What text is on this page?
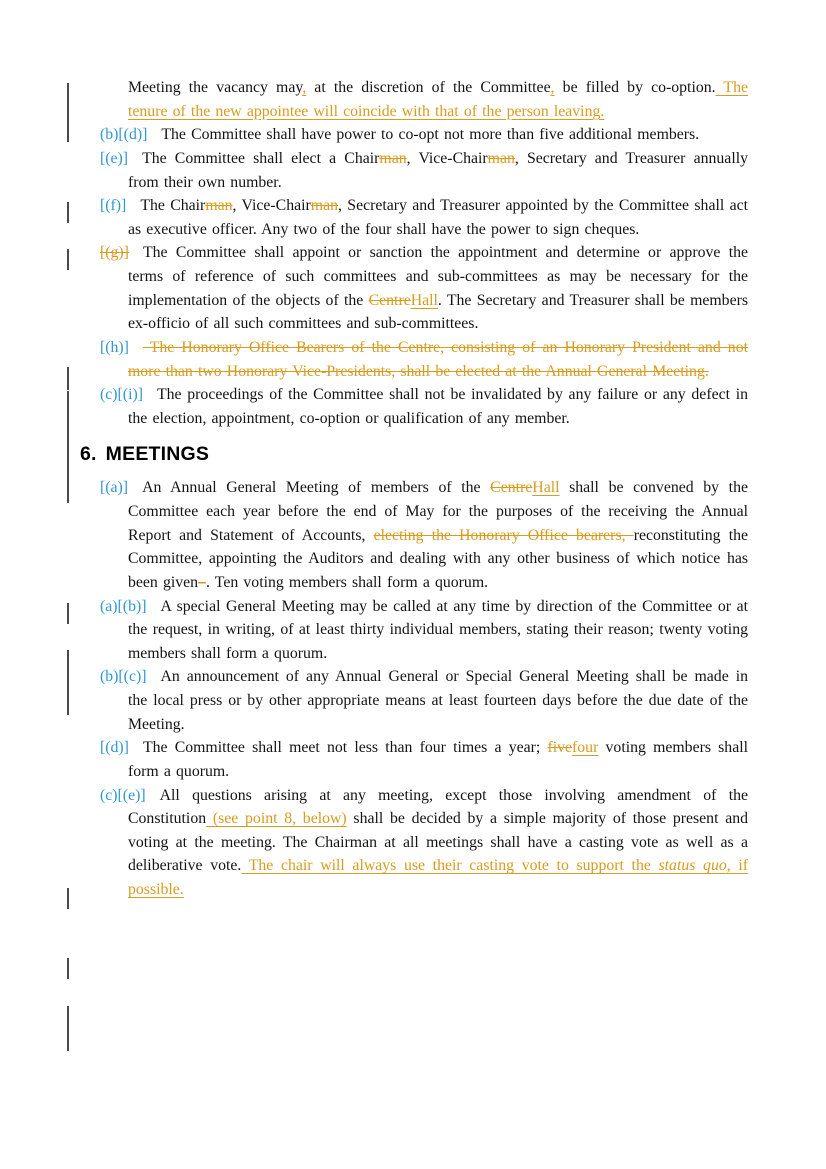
Meeting the vacancy may, at the discretion of the Committee, be filled by co-option. The tenure of the new appointee will coincide with that of the person leaving.

(b)[(d)] The Committee shall have power to co-opt not more than five additional members.

[(e)] The Committee shall elect a Chairman, Vice-Chairman, Secretary and Treasurer annually from their own number.

[(f)] The Chairman, Vice-Chairman, Secretary and Treasurer appointed by the Committee shall act as executive officer. Any two of the four shall have the power to sign cheques.

[(g)] The Committee shall appoint or sanction the appointment and determine or approve the terms of reference of such committees and sub-committees as may be necessary for the implementation of the objects of the CentreHall. The Secretary and Treasurer shall be members ex-officio of all such committees and sub-committees.

[(h)] The Honorary Office Bearers of the Centre, consisting of an Honorary President and not more than two Honorary Vice-Presidents, shall be elected at the Annual General Meeting.

(c)[(i)] The proceedings of the Committee shall not be invalidated by any failure or any defect in the election, appointment, co-option or qualification of any member.

6. MEETINGS

[(a)] An Annual General Meeting of members of the CentreHall shall be convened by the Committee each year before the end of May for the purposes of the receiving the Annual Report and Statement of Accounts, electing the Honorary Office bearers, reconstituting the Committee, appointing the Auditors and dealing with any other business of which notice has been given–. Ten voting members shall form a quorum.

(a)[(b)] A special General Meeting may be called at any time by direction of the Committee or at the request, in writing, of at least thirty individual members, stating their reason; twenty voting members shall form a quorum.

(b)[(c)] An announcement of any Annual General or Special General Meeting shall be made in the local press or by other appropriate means at least fourteen days before the due date of the Meeting.

[(d)] The Committee shall meet not less than four times a year; fivefour voting members shall form a quorum.

(c)[(e)] All questions arising at any meeting, except those involving amendment of the Constitution (see point 8, below) shall be decided by a simple majority of those present and voting at the meeting. The Chairman at all meetings shall have a casting vote as well as a deliberative vote. The chair will always use their casting vote to support the status quo, if possible.
